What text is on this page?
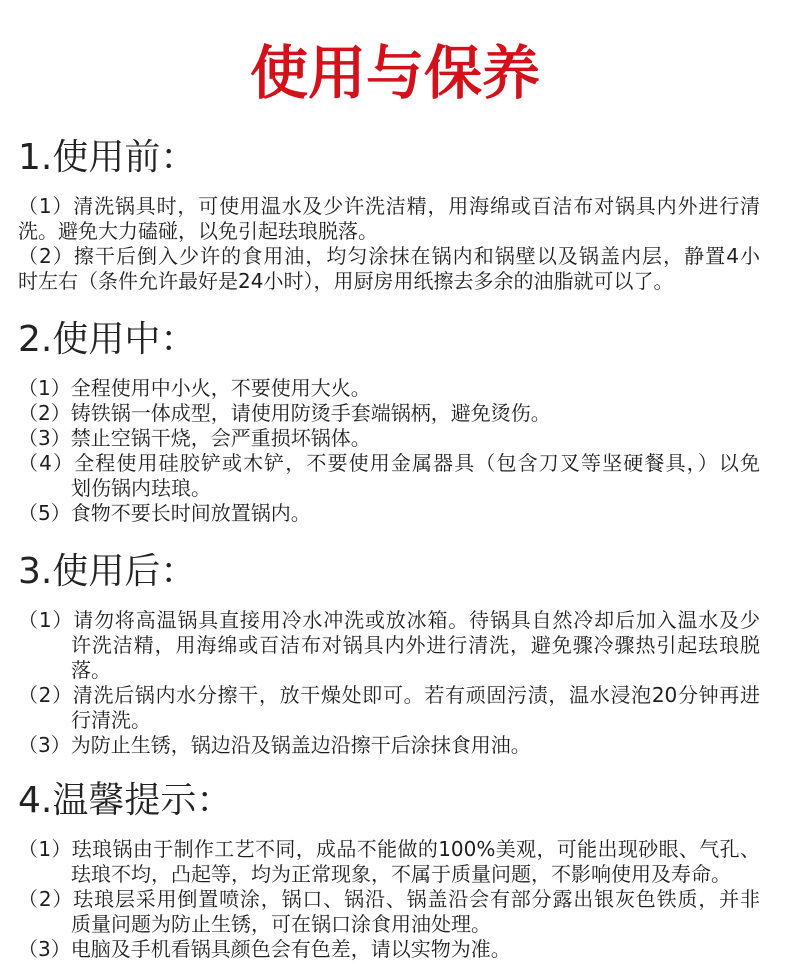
使用与保养
1.使用前：
（1）清洗锅具时，可使用温水及少许洗洁精，用海绵或百洁布对锅具内外进行清
洗。避免大力磕碰，以免引起珐琅脱落。
（2）擦干后倒入少许的食用油，均匀涂抹在锅内和锅壁以及锅盖内层，静置4小
时左右（条件允许最好是24小时），用厨房用纸擦去多余的油脂就可以了。
2.使用中：
（1）全程使用中小火，不要使用大火。
（2）铸铁锅一体成型，请使用防烫手套端锅柄，避免烫伤。
（3）禁止空锅干烧，会严重损坏锅体。
（4）全程使用硅胶铲或木铲，不要使用金属器具（包含刀叉等坚硬餐具，）以免
划伤锅内珐琅。
（5）食物不要长时间放置锅内。
3.使用后：
（1）请勿将高温锅具直接用冷水冲洗或放冰箱。待锅具自然冷却后加入温水及少
许洗洁精，用海绵或百洁布对锅具内外进行清洗，避免骤冷骤热引起珐琅脱
落。
（2）清洗后锅内水分擦干，放干燥处即可。若有顽固污渍，温水浸泡20分钟再进
行清洗。
（3）为防止生锈，锅边沿及锅盖边沿擦干后涂抹食用油。
4.温馨提示：
（1）珐琅锅由于制作工艺不同，成品不能做的100%美观，可能出现砂眼、气孔、
珐琅不均，凸起等，均为正常现象，不属于质量问题，不影响使用及寿命。
（2）珐琅层采用倒置喷涂，锅口、锅沿、锅盖沿会有部分露出银灰色铁质，并非
质量问题为防止生锈，可在锅口涂食用油处理。
（3）电脑及手机看锅具颜色会有色差，请以实物为准。
